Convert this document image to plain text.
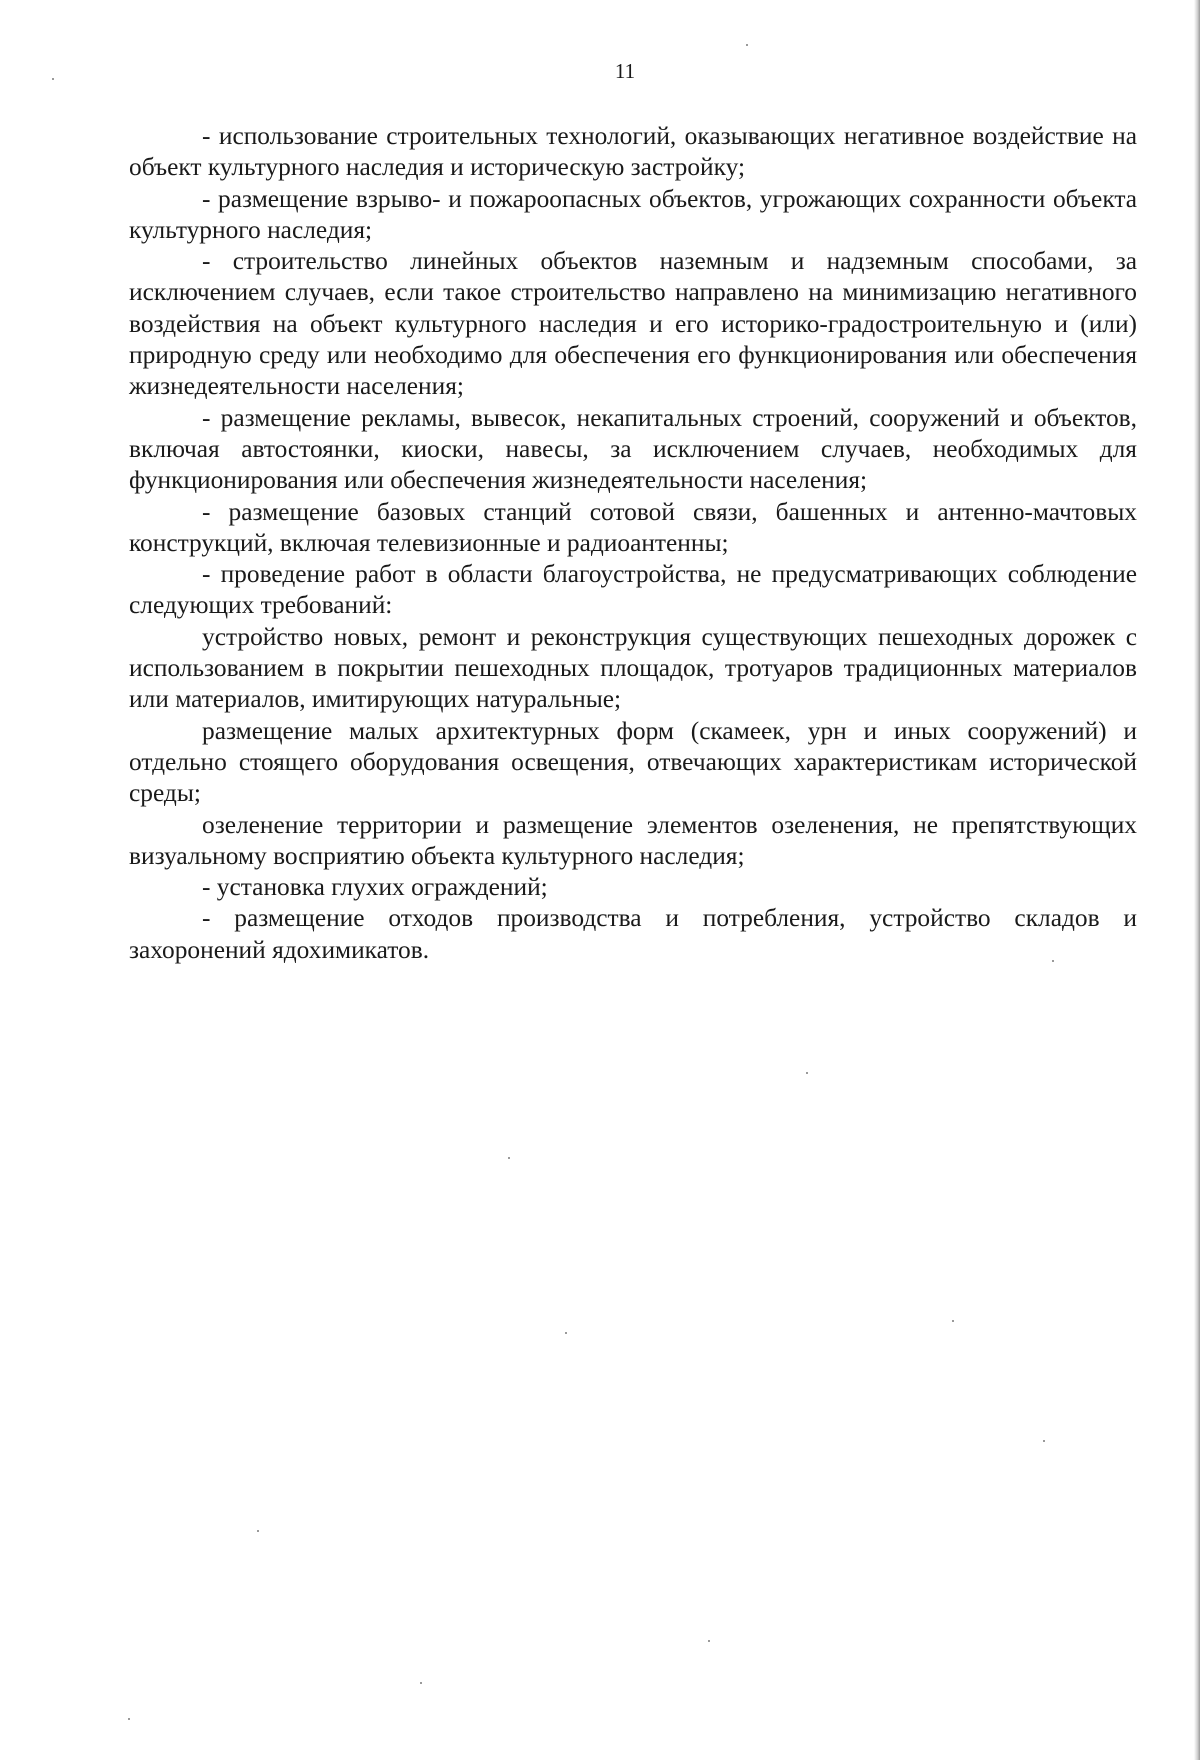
11

- использование строительных технологий, оказывающих негативное воздействие на объект культурного наследия и историческую застройку;

- размещение взрыво- и пожароопасных объектов, угрожающих сохранности объекта культурного наследия;

- строительство линейных объектов наземным и надземным способами, за исключением случаев, если такое строительство направлено на минимизацию негативного воздействия на объект культурного наследия и его историко-градостроительную и (или) природную среду или необходимо для обеспечения его функционирования или обеспечения жизнедеятельности населения;

- размещение рекламы, вывесок, некапитальных строений, сооружений и объектов, включая автостоянки, киоски, навесы, за исключением случаев, необходимых для функционирования или обеспечения жизнедеятельности населения;

- размещение базовых станций сотовой связи, башенных и антенно-мачтовых конструкций, включая телевизионные и радиоантенны;

- проведение работ в области благоустройства, не предусматривающих соблюдение следующих требований:

устройство новых, ремонт и реконструкция существующих пешеходных дорожек с использованием в покрытии пешеходных площадок, тротуаров традиционных материалов или материалов, имитирующих натуральные;

размещение малых архитектурных форм (скамеек, урн и иных сооружений) и отдельно стоящего оборудования освещения, отвечающих характеристикам исторической среды;

озеленение территории и размещение элементов озеленения, не препятствующих визуальному восприятию объекта культурного наследия;

- установка глухих ограждений;

- размещение отходов производства и потребления, устройство складов и захоронений ядохимикатов.
